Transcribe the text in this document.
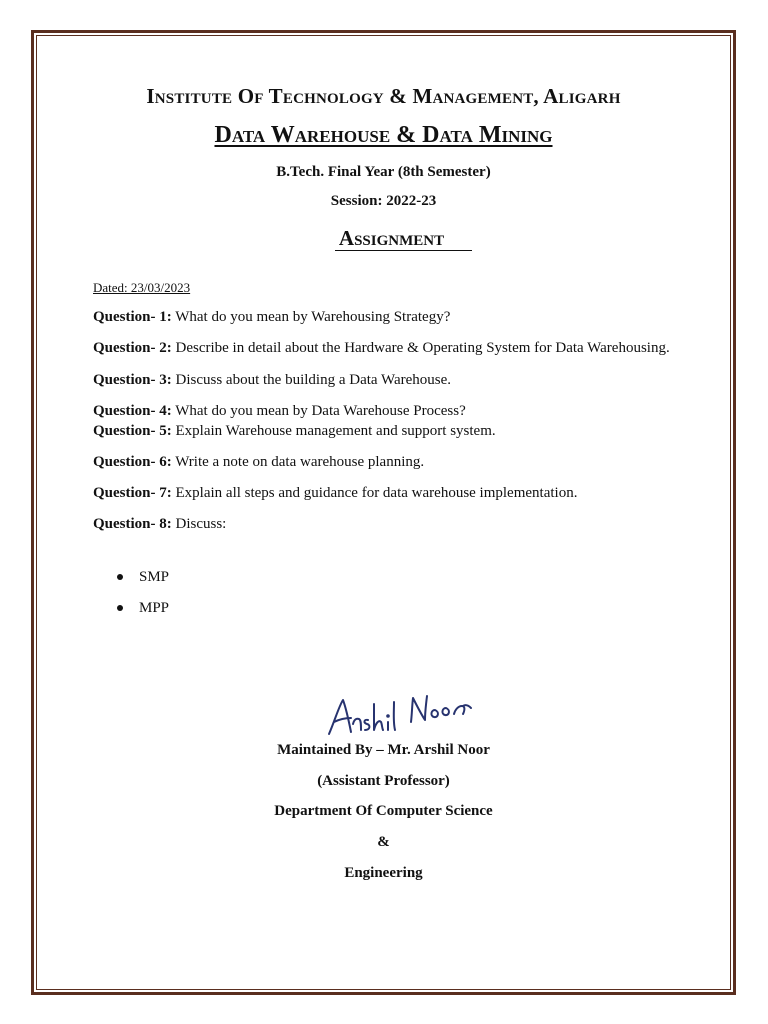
Institute Of Technology & Management, Aligarh
Data Warehouse & Data Mining
B.Tech. Final Year (8th Semester)
Session: 2022-23
Assignment
Dated: 23/03/2023

Question- 1: What do you mean by Warehousing Strategy?

Question- 2: Describe in detail about the Hardware & Operating System for Data Warehousing.

Question- 3: Discuss about the building a Data Warehouse.

Question- 4: What do you mean by Data Warehouse Process?

Question- 5: Explain Warehouse management and support system.

Question- 6: Write a note on data warehouse planning.

Question- 7: Explain all steps and guidance for data warehouse implementation.

Question- 8: Discuss:

SMP
MPP
Maintained By – Mr. Arshil Noor
(Assistant Professor)
Department Of Computer Science
&
Engineering
